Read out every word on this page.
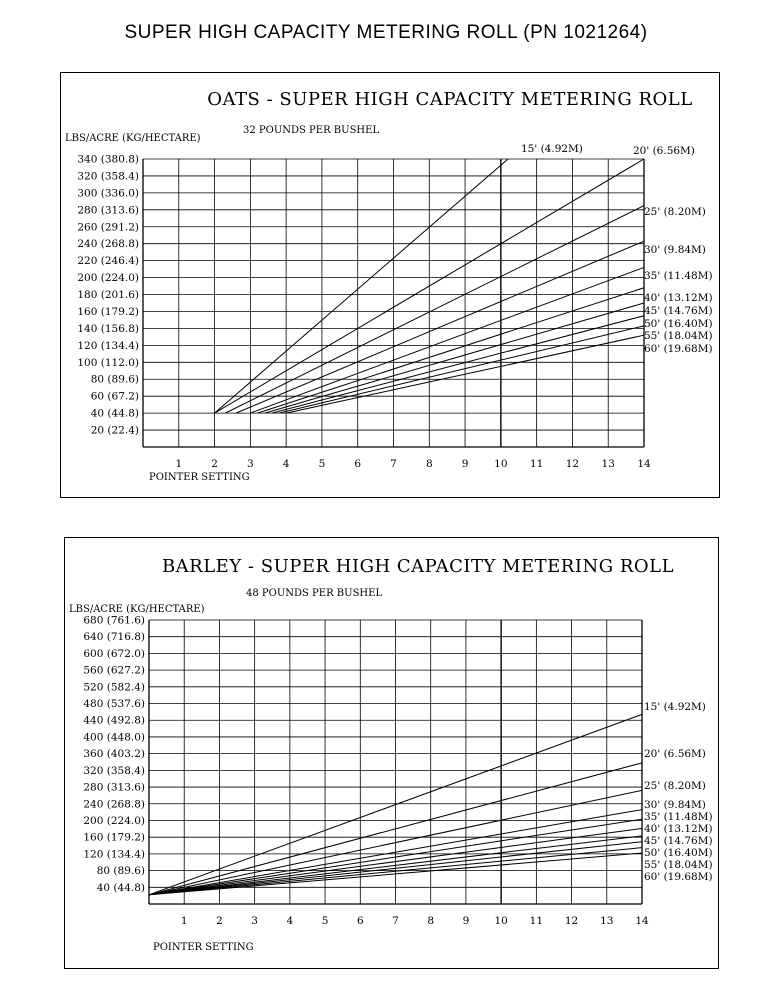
SUPER HIGH CAPACITY METERING ROLL (PN 1021264)
OATS - SUPER HIGH CAPACITY METERING ROLL
32 POUNDS PER BUSHEL
LBS/ACRE (KG/HECTARE)
POINTER SETTING
20 (22.4)
40 (44.8)
60 (67.2)
80 (89.6)
100 (112.0)
120 (134.4)
140 (156.8)
160 (179.2)
180 (201.6)
200 (224.0)
220 (246.4)
240 (268.8)
260 (291.2)
280 (313.6)
300 (336.0)
320 (358.4)
340 (380.8)
1	2	3	4	5	6	7	8	9 10 11 12 13 14
15' (4.92M)	20' (6.56M)
25' (8.20M)
30' (9.84M)
35' (11.48M)
40' (13.12M)
45' (14.76M)
50' (16.40M)
55' (18.04M)
60' (19.68M)
BARLEY - SUPER HIGH CAPACITY METERING ROLL
48 POUNDS PER BUSHEL
LBS/ACRE (KG/HECTARE)
POINTER SETTING
40 (44.8)
80 (89.6)
120 (134.4)
160 (179.2)
200 (224.0)
240 (268.8)
280 (313.6)
320 (358.4)
360 (403.2)
400 (448.0)
440 (492.8)
480 (537.6)
520 (582.4)
560 (627.2)
600 (672.0)
640 (716.8)
680 (761.6)
1	2	3	4	5	6	7	8	9 10 11 12 13 14
15' (4.92M)
20' (6.56M)
25' (8.20M)
30' (9.84M)
35' (11.48M)
40' (13.12M)
45' (14.76M)
50' (16.40M)
55' (18.04M)
60' (19.68M)
